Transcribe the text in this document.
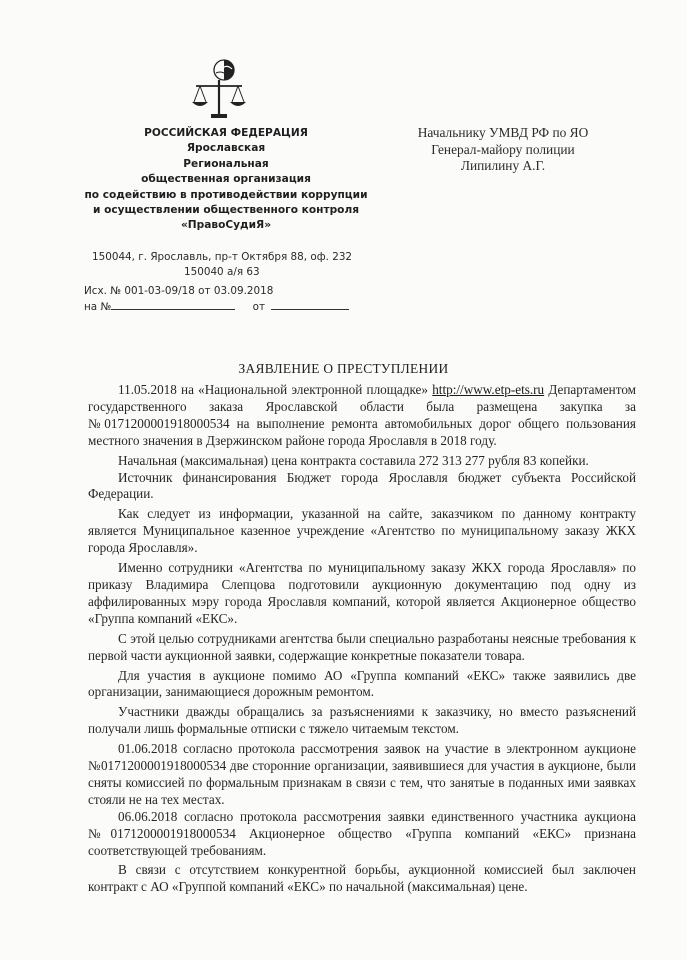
РОССИЙСКАЯ ФЕДЕРАЦИЯ
Ярославская
Региональная
общественная организация
по содействию в противодействии коррупции
и осуществлении общественного контроля
«ПравоСудиЯ»
150044, г. Ярославль, пр-т Октября 88, оф. 232
150040 а/я 63
Исх. № 001-03-09/18 от 03.09.2018
на №	от
Начальнику УМВД РФ по ЯО
Генерал-майору полиции
Липилину А.Г.
ЗАЯВЛЕНИЕ О ПРЕСТУПЛЕНИИ

11.05.2018 на «Национальной электронной площадке» http://www.etp-ets.ru Департаментом государственного заказа Ярославской области была размещена закупка за №0171200001918000534 на выполнение ремонта автомобильных дорог общего пользования местного значения в Дзержинском районе города Ярославля в 2018 году.

Начальная (максимальная) цена контракта составила 272 313 277 рубля 83 копейки.

Источник финансирования Бюджет города Ярославля бюджет субъекта Российской Федерации.

Как следует из информации, указанной на сайте, заказчиком по данному контракту является Муниципальное казенное учреждение «Агентство по муниципальному заказу ЖКХ города Ярославля».

Именно сотрудники «Агентства по муниципальному заказу ЖКХ города Ярославля» по приказу Владимира Слепцова подготовили аукционную документацию под одну из аффилированных мэру города Ярославля компаний, которой является Акционерное общество «Группа компаний «ЕКС».

С этой целью сотрудниками агентства были специально разработаны неясные требования к первой части аукционной заявки, содержащие конкретные показатели товара.

Для участия в аукционе помимо АО «Группа компаний «ЕКС» также заявились две организации, занимающиеся дорожным ремонтом.

Участники дважды обращались за разъяснениями к заказчику, но вместо разъяснений получали лишь формальные отписки с тяжело читаемым текстом.

01.06.2018 согласно протокола рассмотрения заявок на участие в электронном аукционе №0171200001918000534 две сторонние организации, заявившиеся для участия в аукционе, были сняты комиссией по формальным признакам в связи с тем, что занятые в поданных ими заявках стояли не на тех местах.

06.06.2018 согласно протокола рассмотрения заявки единственного участника аукциона №0171200001918000534 Акционерное общество «Группа компаний «ЕКС» признана соответствующей требованиям.

В связи с отсутствием конкурентной борьбы, аукционной комиссией был заключен контракт с АО «Группой компаний «ЕКС» по начальной (максимальная) цене.
